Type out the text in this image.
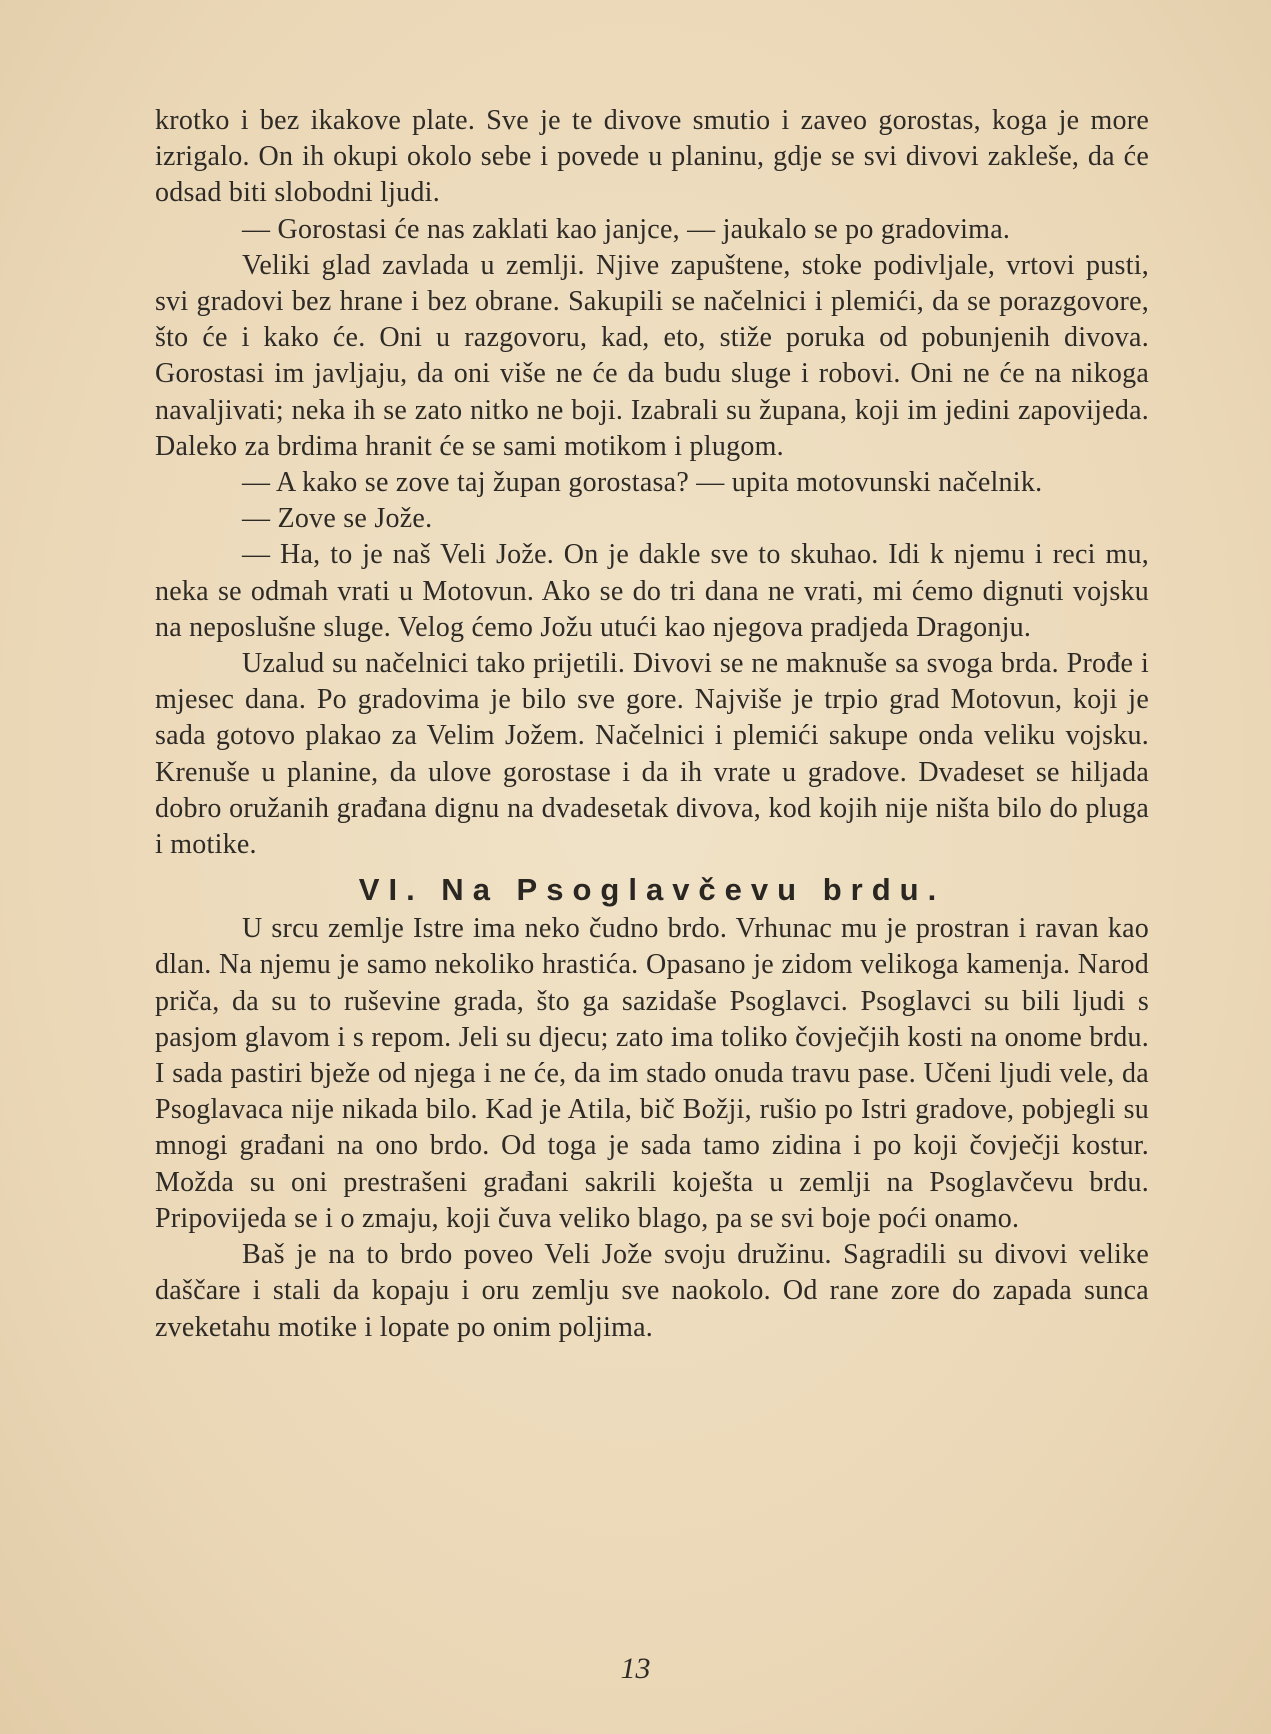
krotko i bez ikakove plate. Sve je te divove smutio i zaveo gorostas, koga je more izrigalo. On ih okupi okolo sebe i povede u planinu, gdje se svi divovi zakleše, da će odsad biti slobodni ljudi.

— Gorostasi će nas zaklati kao janjce, — jaukalo se po gradovima.

Veliki glad zavlada u zemlji. Njive zapuštene, stoke podivljale, vrtovi pusti, svi gradovi bez hrane i bez obrane. Sakupili se načelnici i plemići, da se porazgovore, što će i kako će. Oni u razgovoru, kad, eto, stiže poruka od pobunjenih divova. Gorostasi im javljaju, da oni više ne će da budu sluge i robovi. Oni ne će na nikoga navaljivati; neka ih se zato nitko ne boji. Izabrali su župana, koji im jedini zapovijeda. Daleko za brdima hranit će se sami motikom i plugom.

— A kako se zove taj župan gorostasa? — upita motovunski načelnik.

— Zove se Jože.

— Ha, to je naš Veli Jože. On je dakle sve to skuhao. Idi k njemu i reci mu, neka se odmah vrati u Motovun. Ako se do tri dana ne vrati, mi ćemo dignuti vojsku na neposlušne sluge. Velog ćemo Jožu utući kao njegova pradjeda Dragonju.

Uzalud su načelnici tako prijetili. Divovi se ne maknuše sa svoga brda. Prođe i mjesec dana. Po gradovima je bilo sve gore. Najviše je trpio grad Motovun, koji je sada gotovo plakao za Velim Jožem. Načelnici i plemići sakupe onda veliku vojsku. Krenuše u planine, da ulove gorostase i da ih vrate u gradove. Dvadeset se hiljada dobro oružanih građana dignu na dvadesetak divova, kod kojih nije ništa bilo do pluga i motike.

VI. Na Psoglavčevu brdu.

U srcu zemlje Istre ima neko čudno brdo. Vrhunac mu je prostran i ravan kao dlan. Na njemu je samo nekoliko hrastića. Opasano je zidom velikoga kamenja. Narod priča, da su to ruševine grada, što ga sazidaše Psoglavci. Psoglavci su bili ljudi s pasjom glavom i s repom. Jeli su djecu; zato ima toliko čovječjih kosti na onome brdu. I sada pastiri bježe od njega i ne će, da im stado onuda travu pase. Učeni ljudi vele, da Psoglavaca nije nikada bilo. Kad je Atila, bič Božji, rušio po Istri gradove, pobjegli su mnogi građani na ono brdo. Od toga je sada tamo zidina i po koji čovječji kostur. Možda su oni prestrašeni građani sakrili koješta u zemlji na Psoglavčevu brdu. Pripovijeda se i o zmaju, koji čuva veliko blago, pa se svi boje poći onamo.

Baš je na to brdo poveo Veli Jože svoju družinu. Sagradili su divovi velike daščare i stali da kopaju i oru zemlju sve naokolo. Od rane zore do zapada sunca zveketahu motike i lopate po onim poljima.

13
